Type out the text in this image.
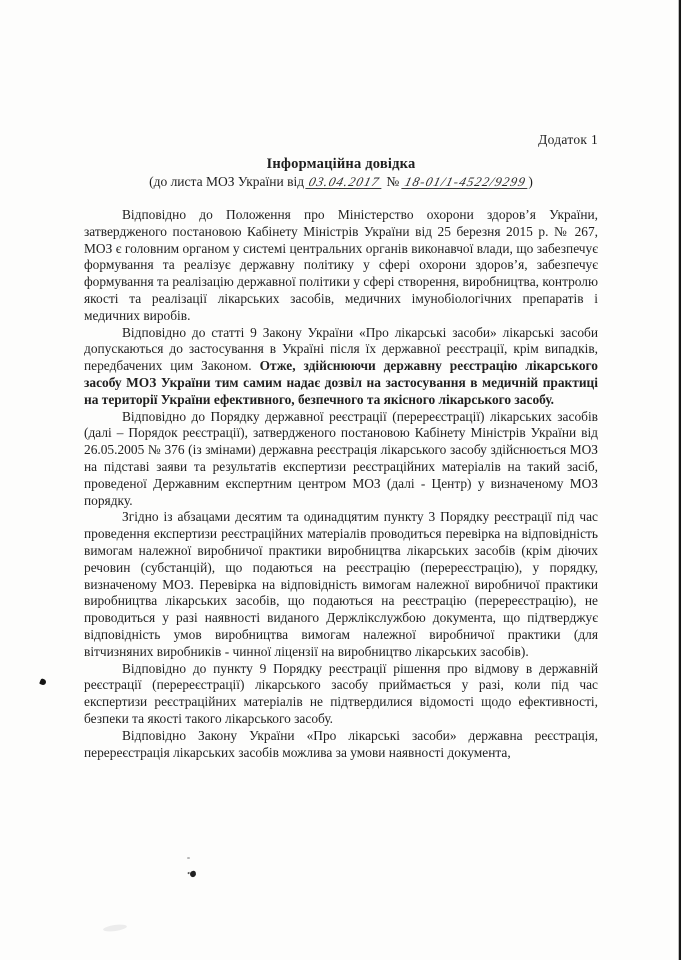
Додаток 1
Інформаційна довідка
(до листа МОЗ України від 03.04.2017 № 18-01/1-4522/9299)

Відповідно до Положення про Міністерство охорони здоров’я України, затвердженого постановою Кабінету Міністрів України від 25 березня 2015 р. № 267, МОЗ є головним органом у системі центральних органів виконавчої влади, що забезпечує формування та реалізує державну політику у сфері охорони здоров’я, забезпечує формування та реалізацію державної політики у сфері створення, виробництва, контролю якості та реалізації лікарських засобів, медичних імунобіологічних препаратів і медичних виробів.

Відповідно до статті 9 Закону України «Про лікарські засоби» лікарські засоби допускаються до застосування в Україні після їх державної реєстрації, крім випадків, передбачених цим Законом. Отже, здійснюючи державну реєстрацію лікарського засобу МОЗ України тим самим надає дозвіл на застосування в медичній практиці на території України ефективного, безпечного та якісного лікарського засобу.

Відповідно до Порядку державної реєстрації (перереєстрації) лікарських засобів (далі – Порядок реєстрації), затвердженого постановою Кабінету Міністрів України від 26.05.2005 № 376 (із змінами) державна реєстрація лікарського засобу здійснюється МОЗ на підставі заяви та результатів експертизи реєстраційних матеріалів на такий засіб, проведеної Державним експертним центром МОЗ (далі - Центр) у визначеному МОЗ порядку.

Згідно із абзацами десятим та одинадцятим пункту 3 Порядку реєстрації під час проведення експертизи реєстраційних матеріалів проводиться перевірка на відповідність вимогам належної виробничої практики виробництва лікарських засобів (крім діючих речовин (субстанцій), що подаються на реєстрацію (перереєстрацію), у порядку, визначеному МОЗ. Перевірка на відповідність вимогам належної виробничої практики виробництва лікарських засобів, що подаються на реєстрацію (перереєстрацію), не проводиться у разі наявності виданого Держлікслужбою документа, що підтверджує відповідність умов виробництва вимогам належної виробничої практики (для вітчизняних виробників - чинної ліцензії на виробництво лікарських засобів).

Відповідно до пункту 9 Порядку реєстрації рішення про відмову в державній реєстрації (перереєстрації) лікарського засобу приймається у разі, коли під час експертизи реєстраційних матеріалів не підтвердилися відомості щодо ефективності, безпеки та якості такого лікарського засобу.

Відповідно Закону України «Про лікарські засоби» державна реєстрація, перереєстрація лікарських засобів можлива за умови наявності документа,
